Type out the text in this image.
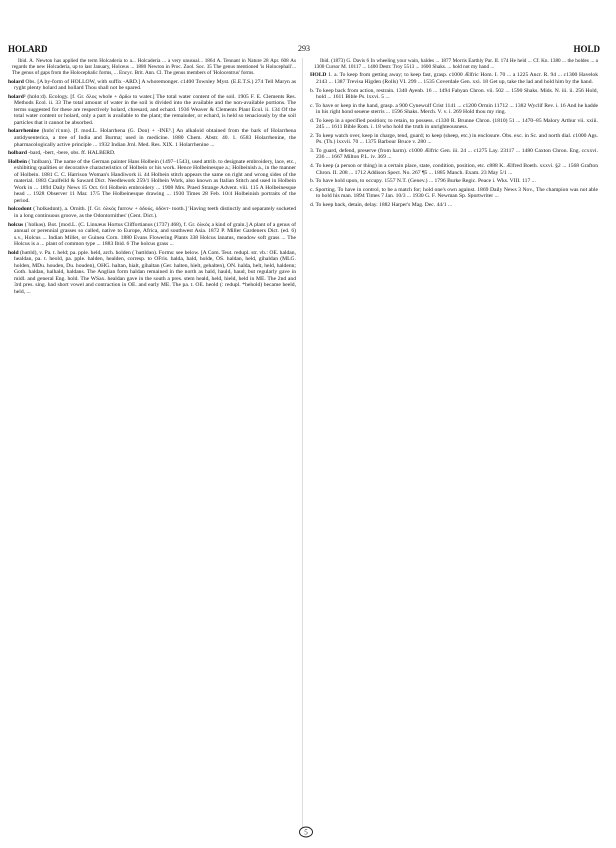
HOLARD	293	HOLD

Ibid. A. Newton has applied the term Holcaderia to a... Holcaderia ... a very unusual... 1864 A. Tennant in Nature 28 Apr. 608 As regards the new Holcaderia, up to last January, Holceus ... 1880 Newton in Proc. Zool. Soc. 35 The genus mentioned 'is Holocephali'... The genus of gaps from the Holocephalic forms, ... Encyc. Brit. Ann. Cl. The genus members of 'Holocentrus' forms.

holard Obs. [A by-form of HOLLOW, with suffix -ARD.] A whoremonger. c1400 Townley Myst. (E.E.T.S.) 274 Tell Maryn as ryght plenty holard and hollard Thou shall not be spared.

holard² (hɒlɑːd). Ecology. [f. Gr. ὅλος whole + ἄρδω to water.] The total water content of the soil. 1905 F. E. Clements Res. Methods Ecol. ii. 33 The total amount of water in the soil is divided into the available and the non-available portions. The terms suggested for these are respectively holard, chresard, and echard. 1936 Weaver & Clements Plant Ecol. ii. 134 Of the total water content or holard, only a part is available to the plant; the remainder, or echard, is held so tenaciously by the soil particles that it cannot be absorbed.

holarrhenine (hɒlɑˈriːnɪn). [f. mod.L. Holarrhena (G. Don) + -INE⁵.] An alkaloid obtained from the bark of Holarrhena antidysenterica, a tree of India and Burma; used in medicine. 1880 Chem. Abstr. 40. 1. 6583 Holarrhenine, the pharmacologically active principle ... 1932 Indian Jrnl. Med. Res. XIX. 1 Holarrhenine ...

holbard -bard, -bert, -bere, obs. ff. HALBERD.

Holbein (ˈhɒlbaɪn). The name of the German painter Hans Holbein (1497–1543), used attrib. to designate embroidery, lace, etc., exhibiting qualities or decorative characteristics of Holbein or his work. Hence Holbeinesque a.; Holbeinish a., in the manner of Holbein. 1881 C. C. Harrison Woman's Handiwork ii. 44 Holbein stitch appears the same on right and wrong sides of the material. 1883 Caulfeild & Saward Dict. Needlework 259/1 Holbein Work, also known as Italian Stitch and used in Holbein Work in ... 1894 Daily News 15 Oct. 6/4 Holbein embroidery ... 1908 Mrs. Praed Strange Advent. viii. 115 A Holbeinesque head ... 1928 Observer 11 Mar. 17/5 The Holbeinesque drawing ... 1930 Times 28 Feb. 10/4 Holbeinish portraits of the period.

holcodont (ˈhɒlkədɒnt), a. Ornith. [f. Gr. ὁλκός furrow + ὀδούς, ὀδόντ- tooth.] 'Having teeth distinctly and separately socketed in a long continuous groove, as the Odontornithes' (Cent. Dict.).

holcus (ˈhɒlkəs). Bot. [mod.L. (C. Linnæus Hortus Cliffortianus (1737) 468), f. Gr. ὁλκός a kind of grain.] A plant of a genus of annual or perennial grasses so called, native to Europe, Africa, and southwest Asia. 1872 P. Miller Gardeners Dict. (ed. 6) s.v., Holcus ... Indian Millet, or Guinea Corn. 1880 Evans Flowering Plants 338 Holcus lanatus, meadow soft grass ... The Holcus is a ... plant of common type ... 1883 Ibid. 6 The holcus grass ...

hold (həʊld), v. Pa. t. held; pa. pple. held, arch. holden (ˈhəʊldən). Forms: see below. [A Com. Teut. redupl. str. vb.: OE. haldan, healdan, pa. t. heold, pa. pple. halden, healden, corresp. to OFris. halda, hald, holde, OS. haldan, held, gihaldan (MLG. holden, MDu. houden, Du. houden), OHG. haltan, hialt, gihaltan (Ger. halten, hielt, gehalten), ON. halda, helt, held, haldenn; Goth. haldan, haihald, haldans. The Anglian form haldan remained in the north as hald, hauld, haud, but regularly gave in midl. and general Eng. hold. The WSax. healdan gave in the south a pres. stem heald, held, hield, held in ME. The 2nd and 3rd pres. sing. had short vowel and contraction in OE. and early ME. The pa. t. OE. heold (: redupl. *hehold) became heeld, held, ...

Ibid. (1873) G. Davis 6 In wheeling your wain, haldes ... 1877 Morris Earthly Par. II. 174 He held ... Cf. Kn. 1380 ... the holdes ... a 1300 Cursor M. 10117 ... 1400 Destr. Troy 5513 ... 1600 Shaks. ... hold not my hand ...

HOLD 1. a. To keep from getting away; to keep fast, grasp. c1000 Ælfric Hom. I. 70 ... a 1225 Ancr. R. 94 ... c1300 Havelok 2143 ... 1387 Trevisa Higden (Rolls) VI. 299 ... 1535 Coverdale Gen. xxi. 18 Get up, take the lad and hold him by the hand.

b. To keep back from action, restrain. 1340 Ayenb. 16 ... 1494 Fabyan Chron. vii. 502 ... 1590 Shaks. Mids. N. iii. ii. 256 Hold, hold ... 1611 Bible Ps. lxxvi. 5 ...

c. To have or keep in the hand, grasp. a 900 Cynewulf Crist 1141 ... c1200 Ormin 11712 ... 1382 Wyclif Rev. i. 16 And he hadde in his right hond seuene sterris ... 1596 Shaks. Merch. V. v. i. 269 Hold thou my ring.

d. To keep in a specified position; to retain, to possess. c1330 R. Brunne Chron. (1810) 51 ... 1470–85 Malory Arthur vii. xxiii. 245 ... 1611 Bible Rom. i. 18 who hold the truth in unrighteousness.

2. To keep watch over, keep in charge, tend, guard; to keep (sheep, etc.) in enclosure. Obs. exc. in Sc. and north dial. c1000 Ags. Ps. (Th.) lxxvii. 70 ... 1375 Barbour Bruce v. 280 ...

3. To guard, defend, preserve (from harm). c1000 Ælfric Gen. iii. 24 ... c1275 Lay. 23117 ... 1480 Caxton Chron. Eng. ccxxvi. 236 ... 1667 Milton P.L. iv. 369 ...

4. To keep (a person or thing) in a certain place, state, condition, position, etc. c888 K. Ælfred Boeth. xxxvi. §2 ... 1568 Grafton Chron. II. 208 ... 1712 Addison Spect. No. 267 ¶5 ... 1885 Manch. Exam. 23 May 5/1 ...

b. To have hold upon, to occupy. 1557 N.T. (Genev.) ... 1796 Burke Regic. Peace i. Wks. VIII. 117 ...

c. Sporting. To have in control, to be a match for; hold one's own against. 1869 Daily News 3 Nov., The champion was not able to hold his man. 1894 Times 7 Jan. 10/3 ... 1930 G. F. Newman Sp. Sportwriter ...

d. To keep back, detain, delay. 1882 Harper's Mag. Dec. 44/1 ...

5
